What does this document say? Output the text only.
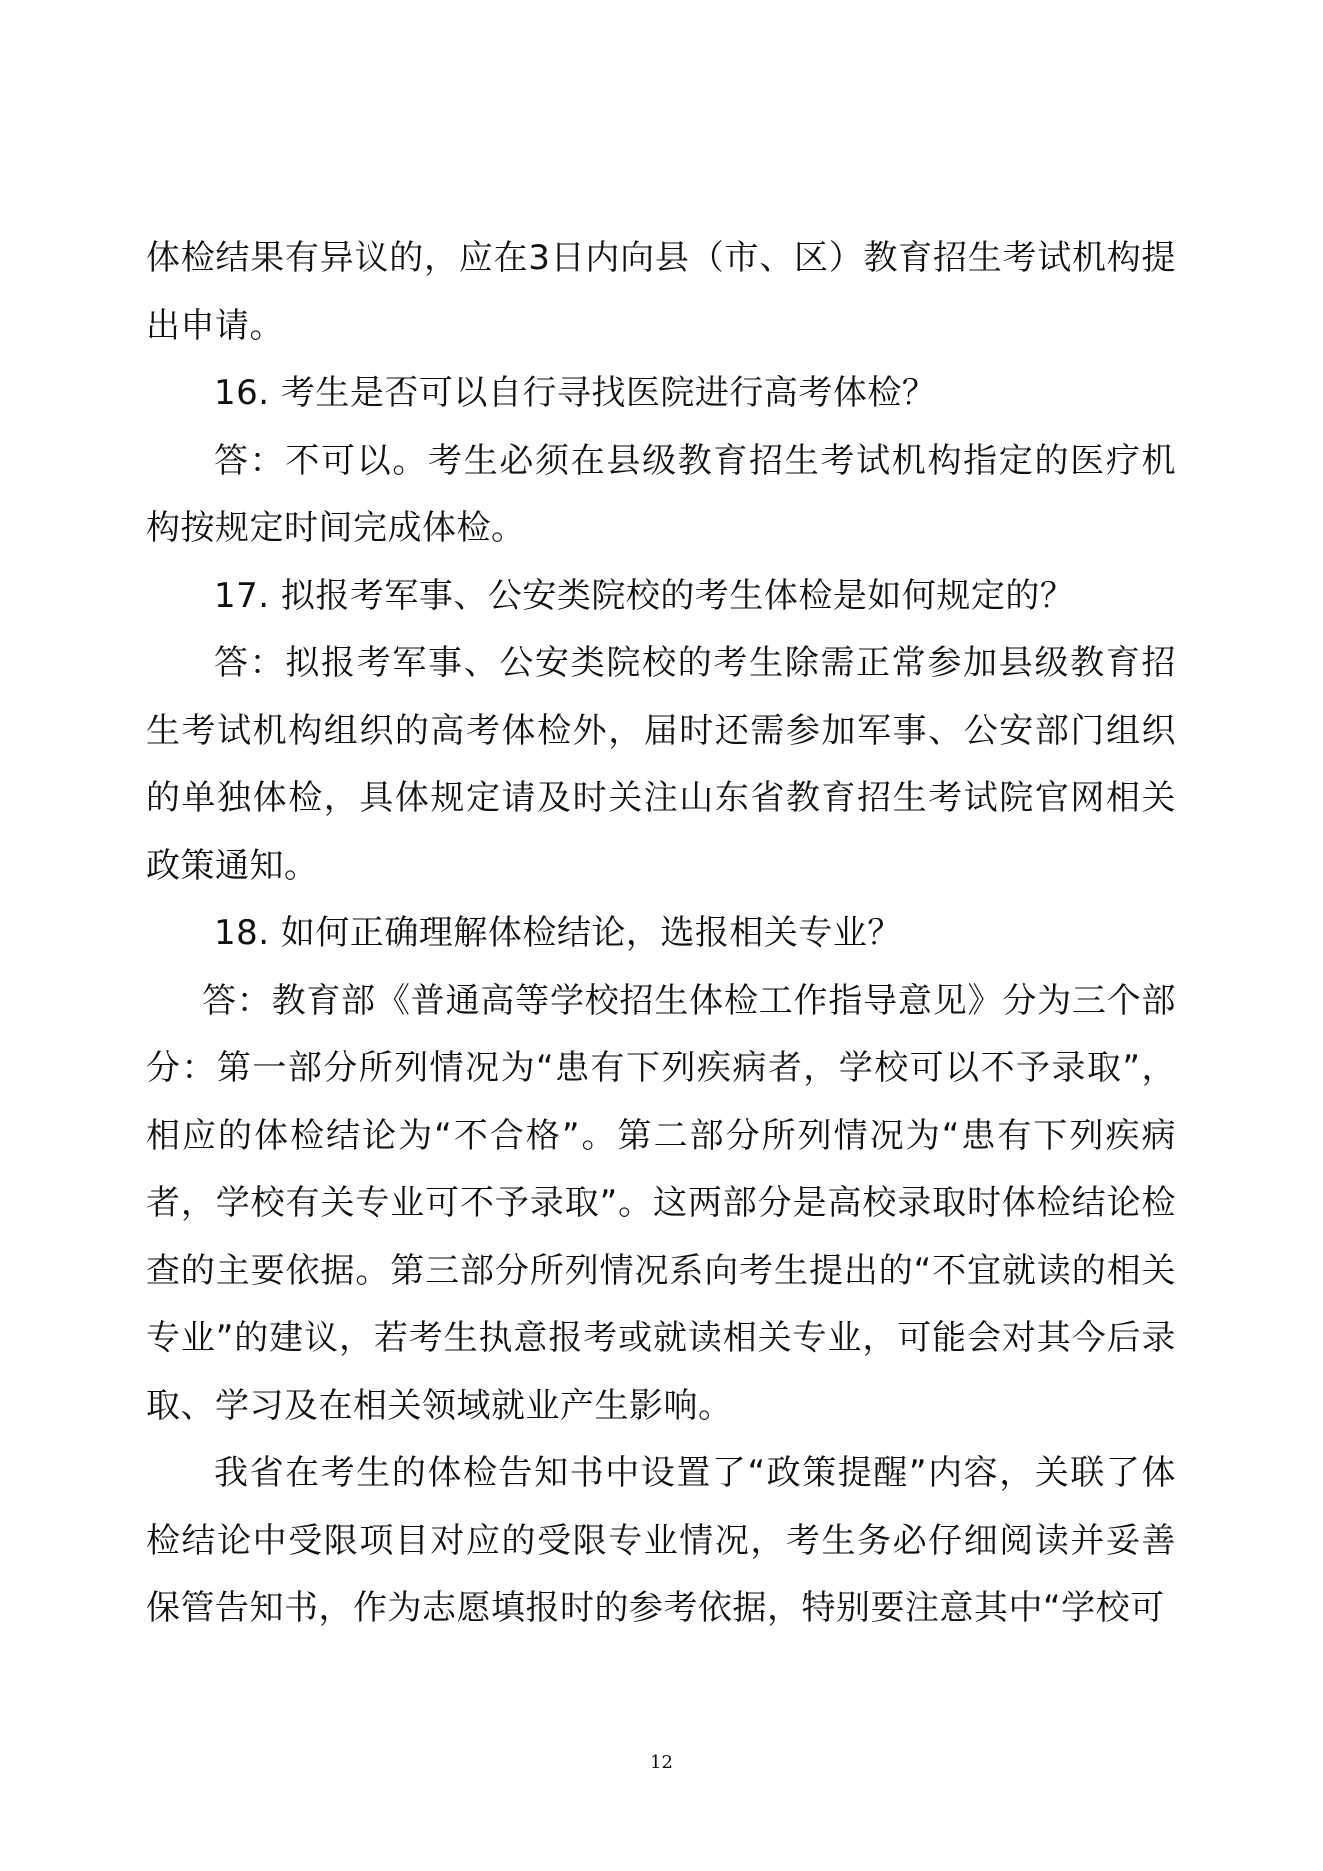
体检结果有异议的，应在3日内向县（市、区）教育招生考试机构提出申请。

16. 考生是否可以自行寻找医院进行高考体检？

答：不可以。考生必须在县级教育招生考试机构指定的医疗机构按规定时间完成体检。

17. 拟报考军事、公安类院校的考生体检是如何规定的？

答：拟报考军事、公安类院校的考生除需正常参加县级教育招生考试机构组织的高考体检外，届时还需参加军事、公安部门组织的单独体检，具体规定请及时关注山东省教育招生考试院官网相关政策通知。

18. 如何正确理解体检结论，选报相关专业？

答：教育部《普通高等学校招生体检工作指导意见》分为三个部分：第一部分所列情况为“患有下列疾病者，学校可以不予录取”，相应的体检结论为“不合格”。第二部分所列情况为“患有下列疾病者，学校有关专业可不予录取”。这两部分是高校录取时体检结论检查的主要依据。第三部分所列情况系向考生提出的“不宜就读的相关专业”的建议，若考生执意报考或就读相关专业，可能会对其今后录取、学习及在相关领域就业产生影响。

我省在考生的体检告知书中设置了“政策提醒”内容，关联了体检结论中受限项目对应的受限专业情况，考生务必仔细阅读并妥善保管告知书，作为志愿填报时的参考依据，特别要注意其中“学校可

12
